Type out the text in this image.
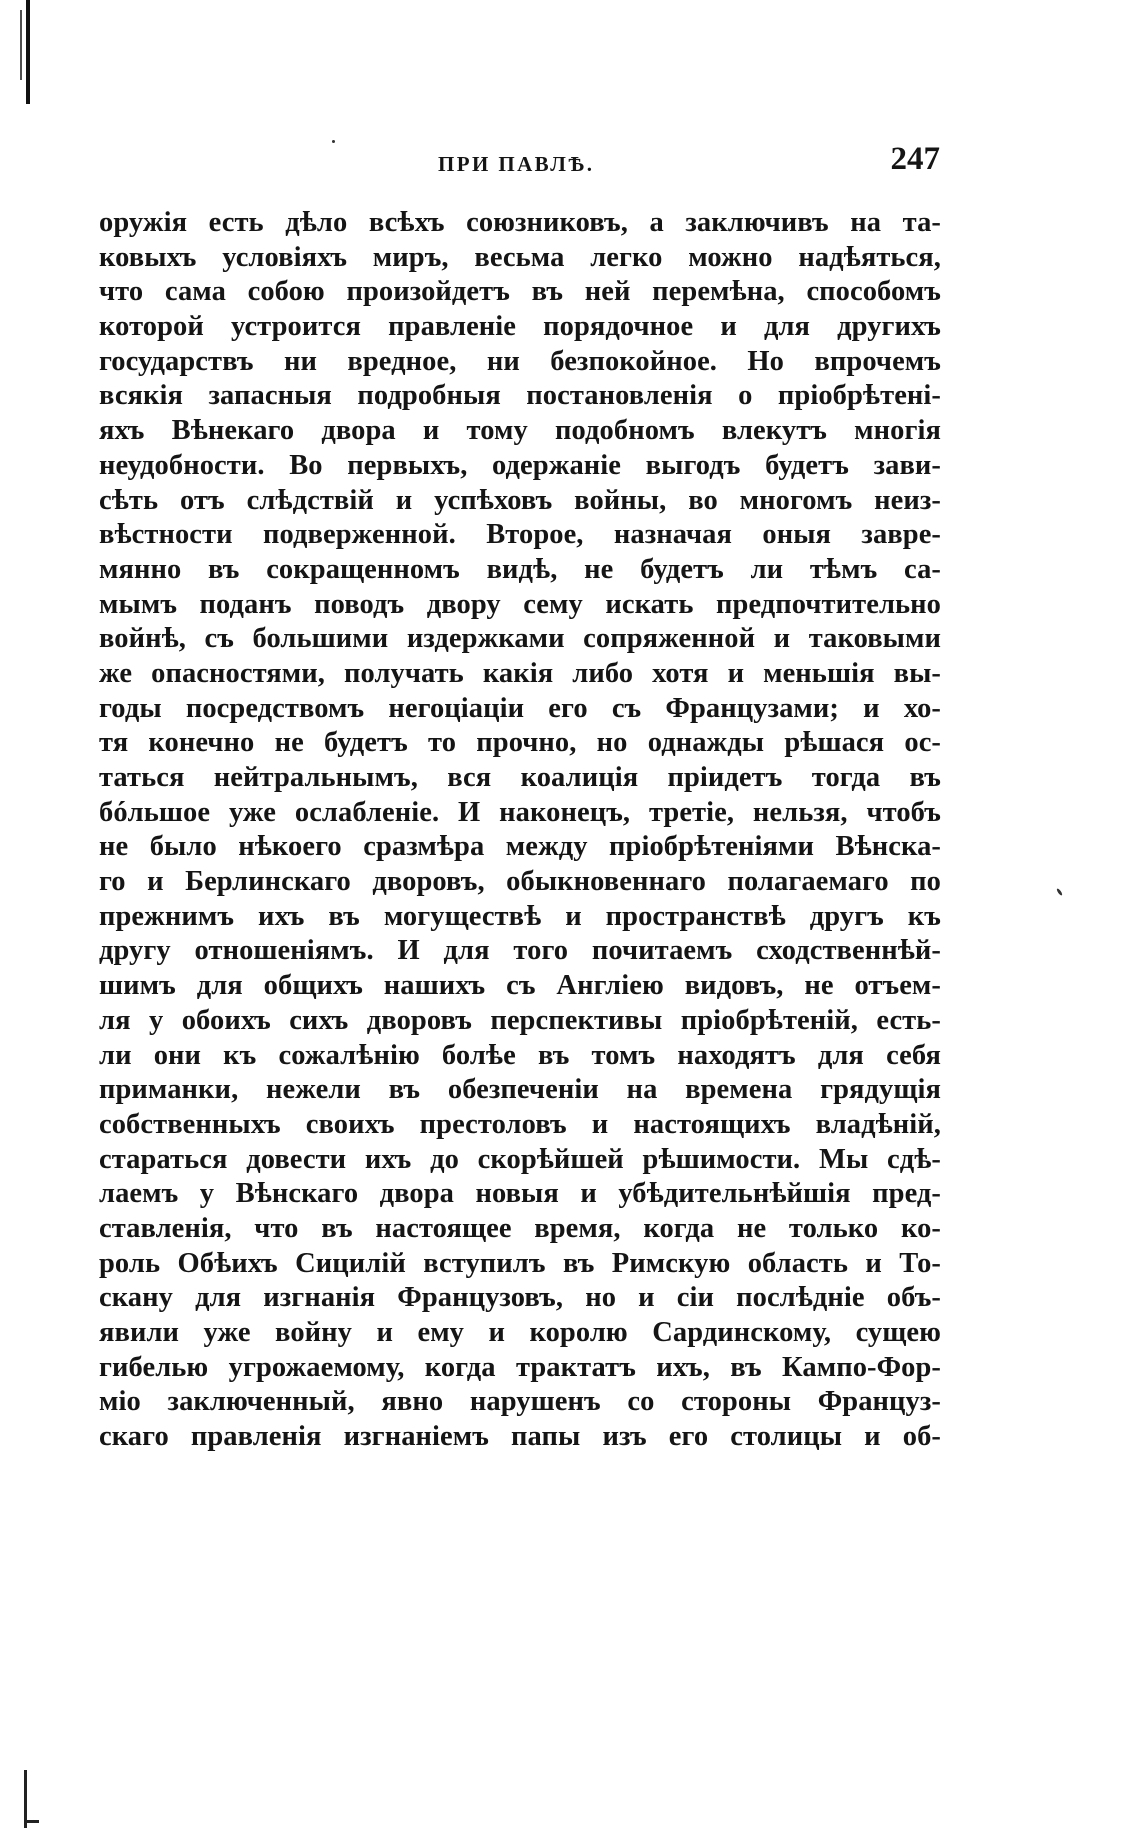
ПРИ ПАВЛѢ.	247
оружія есть дѣло всѣхъ союзниковъ, а заключивъ на та-
ковыхъ условіяхъ миръ, весьма легко можно надѣяться,
что сама собою произойдетъ въ ней перемѣна, способомъ
которой устроится правленіе порядочное и для другихъ
государствъ ни вредное, ни безпокойное. Но впрочемъ
всякія запасныя подробныя постановленія о пріобрѣтені-
яхъ Вѣнекаго двора и тому подобномъ влекутъ многія
неудобности. Во первыхъ, одержаніе выгодъ будетъ зави-
сѣть отъ слѣдствій и успѣховъ войны, во многомъ неиз-
вѣстности подверженной. Второе, назначая оныя завре-
мянно въ сокращенномъ видѣ, не будетъ ли тѣмъ са-
мымъ поданъ поводъ двору сему искать предпочтительно
войнѣ, съ большими издержками сопряженной и таковыми
же опасностями, получать какія либо хотя и меньшія вы-
годы посредствомъ негоціаціи его съ Французами; и хо-
тя конечно не будетъ то прочно, но однажды рѣшася ос-
таться нейтральнымъ, вся коалиція пріидетъ тогда въ
бóльшое уже ослабленіе. И наконецъ, третіе, нельзя, чтобъ
не было нѣкоего сразмѣра между пріобрѣтеніями Вѣнска-
го и Берлинскаго дворовъ, обыкновеннаго полагаемаго по
прежнимъ ихъ въ могуществѣ и пространствѣ другъ къ
другу отношеніямъ. И для того почитаемъ сходственнѣй-
шимъ для общихъ нашихъ съ Англіею видовъ, не отъем-
ля у обоихъ сихъ дворовъ перспективы пріобрѣтеній, есть-
ли они къ сожалѣнію болѣе въ томъ находятъ для себя
приманки, нежели въ обезпеченіи на времена грядущія
собственныхъ своихъ престоловъ и настоящихъ владѣній,
стараться довести ихъ до скорѣйшей рѣшимости. Мы сдѣ-
лаемъ у Вѣнскаго двора новыя и убѣдительнѣйшія пред-
ставленія, что въ настоящее время, когда не только ко-
роль Обѣихъ Сицилій вступилъ въ Римскую область и То-
скану для изгнанія Французовъ, но и сіи послѣдніе объ-
явили уже войну и ему и королю Сардинскому, сущею
гибелью угрожаемому, когда трактатъ ихъ, въ Кампо-Фор-
міо заключенный, явно нарушенъ со стороны Француз-
скаго правленія изгнаніемъ папы изъ его столицы и об-
